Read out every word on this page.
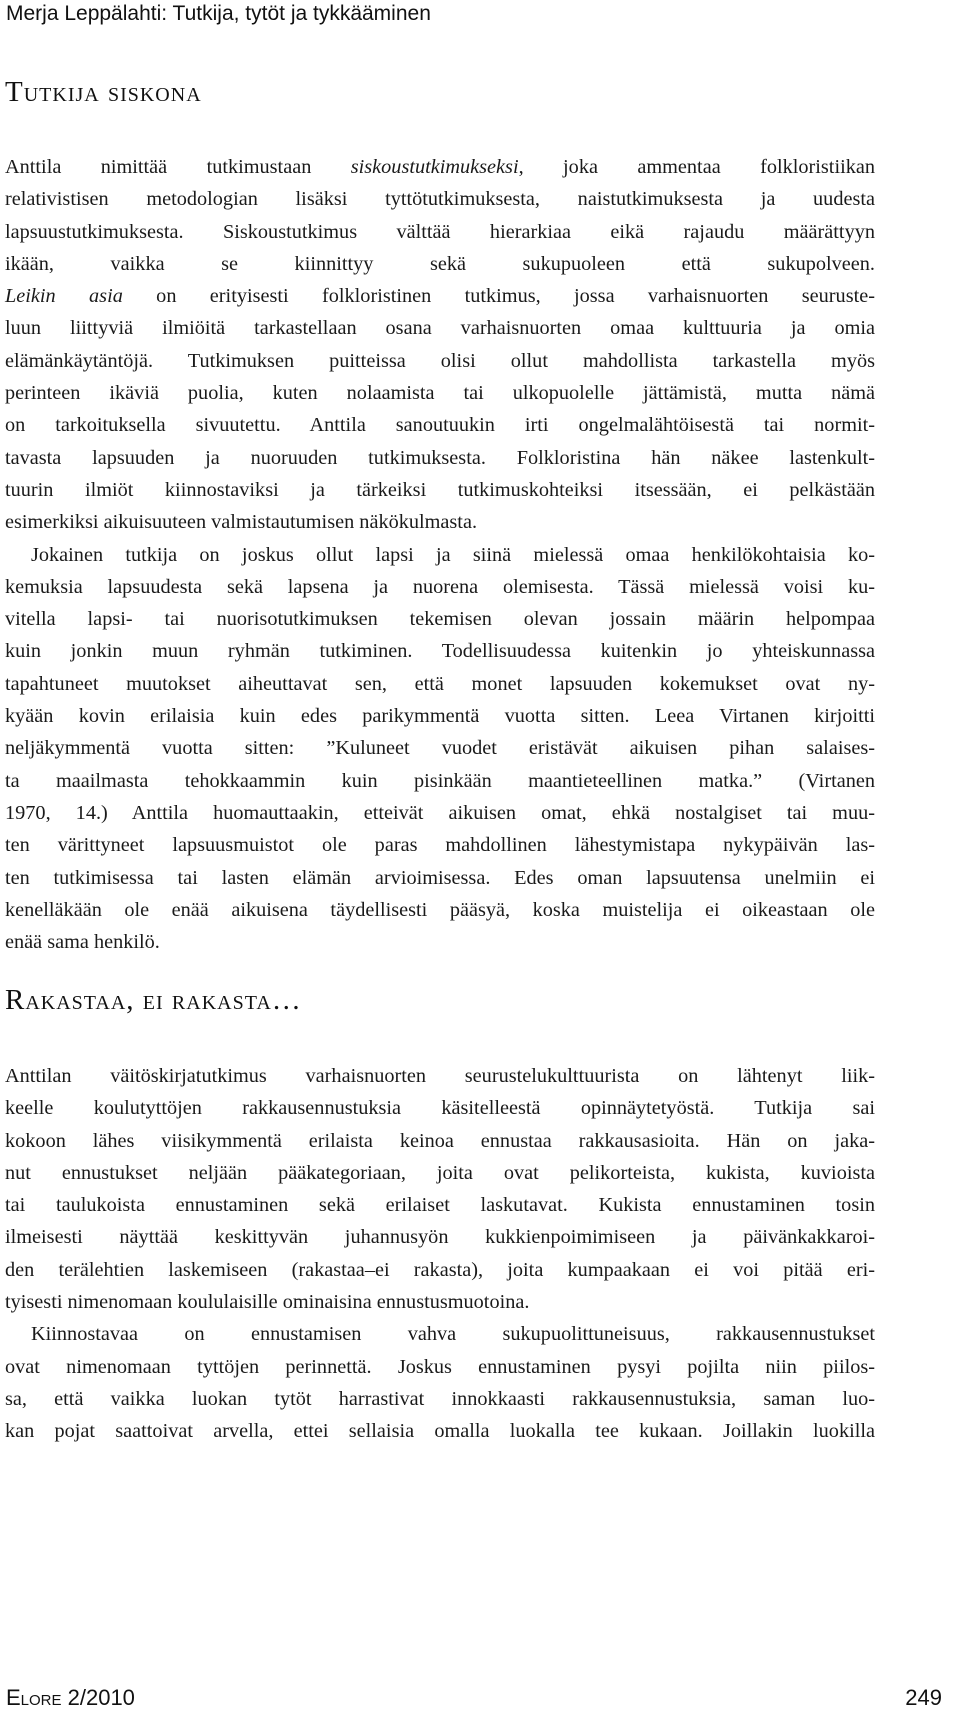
Merja Leppälahti: Tutkija, tytöt ja tykkääminen
Tutkija siskona
Anttila nimittää tutkimustaan siskoustutkimukseksi, joka ammentaa folkloristiikan
relativistisen metodologian lisäksi tyttötutkimuksesta, naistutkimuksesta ja uudesta
lapsuustutkimuksesta. Siskoustutkimus välttää hierarkiaa eikä rajaudu määrättyyn
ikään, vaikka se kiinnittyy sekä sukupuoleen että sukupolveen.
Leikin asia on erityisesti folkloristinen tutkimus, jossa varhaisnuorten seuruste-
luun liittyviä ilmiöitä tarkastellaan osana varhaisnuorten omaa kulttuuria ja omia
elämänkäytäntöjä. Tutkimuksen puitteissa olisi ollut mahdollista tarkastella myös
perinteen ikäviä puolia, kuten nolaamista tai ulkopuolelle jättämistä, mutta nämä
on tarkoituksella sivuutettu. Anttila sanoutuukin irti ongelmalähtöisestä tai normit-
tavasta lapsuuden ja nuoruuden tutkimuksesta. Folkloristina hän näkee lastenkult-
tuurin ilmiöt kiinnostaviksi ja tärkeiksi tutkimuskohteiksi itsessään, ei pelkästään
esimerkiksi aikuisuuteen valmistautumisen näkökulmasta.
Jokainen tutkija on joskus ollut lapsi ja siinä mielessä omaa henkilökohtaisia ko-
kemuksia lapsuudesta sekä lapsena ja nuorena olemisesta. Tässä mielessä voisi ku-
vitella lapsi- tai nuorisotutkimuksen tekemisen olevan jossain määrin helpompaa
kuin jonkin muun ryhmän tutkiminen. Todellisuudessa kuitenkin jo yhteiskunnassa
tapahtuneet muutokset aiheuttavat sen, että monet lapsuuden kokemukset ovat ny-
kyään kovin erilaisia kuin edes parikymmentä vuotta sitten. Leea Virtanen kirjoitti
neljäkymmentä vuotta sitten: ”Kuluneet vuodet eristävät aikuisen pihan salaises-
ta maailmasta tehokkaammin kuin pisinkään maantieteellinen matka.” (Virtanen
1970, 14.) Anttila huomauttaakin, etteivät aikuisen omat, ehkä nostalgiset tai muu-
ten värittyneet lapsuusmuistot ole paras mahdollinen lähestymistapa nykypäivän las-
ten tutkimisessa tai lasten elämän arvioimisessa. Edes oman lapsuutensa unelmiin ei
kenelläkään ole enää aikuisena täydellisesti pääsyä, koska muistelija ei oikeastaan ole
enää sama henkilö.
Rakastaa, ei rakasta…
Anttilan väitöskirjatutkimus varhaisnuorten seurustelukulttuurista on lähtenyt liik-
keelle koulutyttöjen rakkausennustuksia käsitelleestä opinnäytetyöstä. Tutkija sai
kokoon lähes viisikymmentä erilaista keinoa ennustaa rakkausasioita. Hän on jaka-
nut ennustukset neljään pääkategoriaan, joita ovat pelikorteista, kukista, kuvioista
tai taulukoista ennustaminen sekä erilaiset laskutavat. Kukista ennustaminen tosin
ilmeisesti näyttää keskittyvän juhannusyön kukkienpoimimiseen ja päivänkakkaroi-
den terälehtien laskemiseen (rakastaa–ei rakasta), joita kumpaakaan ei voi pitää eri-
tyisesti nimenomaan koululaisille ominaisina ennustusmuotoina.
Kiinnostavaa on ennustamisen vahva sukupuolittuneisuus, rakkausennustukset
ovat nimenomaan tyttöjen perinnettä. Joskus ennustaminen pysyi pojilta niin piilos-
sa, että vaikka luokan tytöt harrastivat innokkaasti rakkausennustuksia, saman luo-
kan pojat saattoivat arvella, ettei sellaisia omalla luokalla tee kukaan. Joillakin luokilla
Elore 2/2010	249
